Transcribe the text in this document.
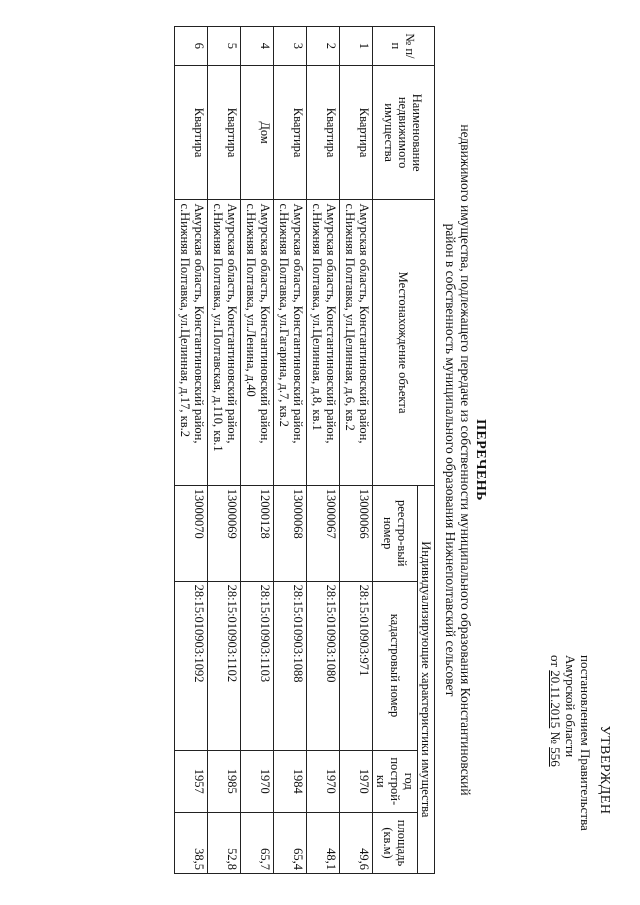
УТВЕРЖДЕН
постановлением Правительства
Амурской области
от 20.11.2015 № 556
ПЕРЕЧЕНЬ
недвижимого имущества, подлежащего передаче из собственности муниципального образования Константиновский
район в собственность муниципального образования Нижнеполтавский сельсовет
№ п/п	Наименование недвижимого имущества	Местонахождение объекта	Индивидуализирующие характеристики имущества			
			реестро-вый номер	кадастровый номер	год построй-ки	площадь (кв.м)
1	Квартира	Амурская область, Константиновский район, с.Нижняя Полтавка, ул.Целинная, д.6, кв.2	13000066	28:15:010903:971	1970	49,6
2	Квартира	Амурская область, Константиновский район, с.Нижняя Полтавка, ул.Целинная, д.8, кв.1	13000067	28:15:010903:1080	1970	48,1
3	Квартира	Амурская область, Константиновский район, с.Нижняя Полтавка, ул.Гагарина, д.7, кв.2	13000068	28:15:010903:1088	1984	65,4
4	Дом	Амурская область, Константиновский район, с.Нижняя Полтавка, ул.Ленина, д.40	12000128	28:15:010903:1103	1970	65,7
5	Квартира	Амурская область, Константиновский район, с.Нижняя Полтавка, ул.Полтавская, д.110, кв.1	13000069	28:15:010903:1102	1985	52,8
6	Квартира	Амурская область, Константиновский район, с.Нижняя Полтавка, ул.Целинная, д.17, кв.2	13000070	28:15:010903:1092	1957	38,5
